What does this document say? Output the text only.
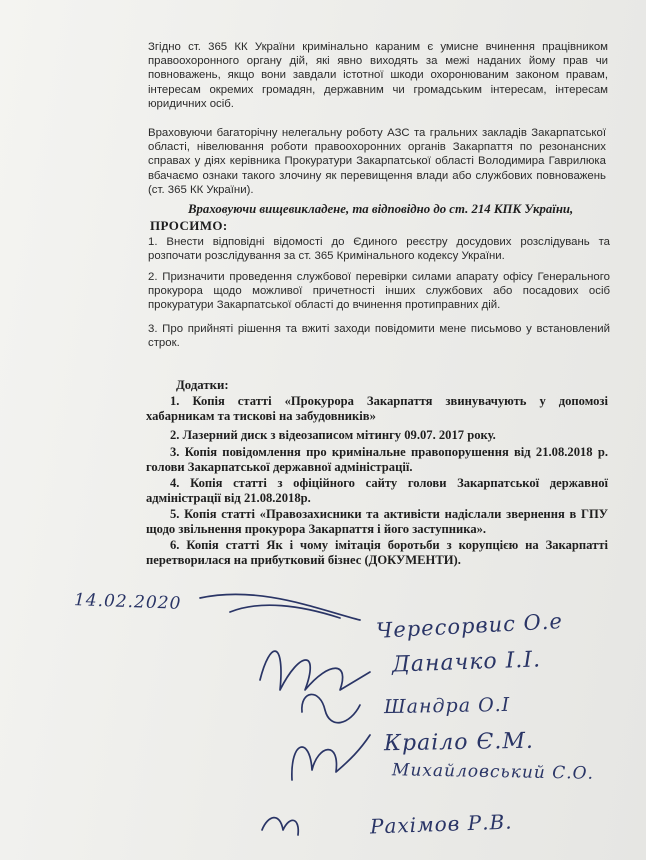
Згідно ст. 365 КК України кримінально караним є умисне вчинення працівником правоохоронного органу дій, які явно виходять за межі наданих йому прав чи повноважень, якщо вони завдали істотної шкоди охоронюваним законом правам, інтересам окремих громадян, державним чи громадським інтересам, інтересам юридичних осіб.

Враховуючи багаторічну нелегальну роботу АЗС та гральних закладів Закарпатської області, нівелювання роботи правоохоронних органів Закарпаття по резонансних справах у діях керівника Прокуратури Закарпатської області Володимира Гаврилюка вбачаємо ознаки такого злочину як перевищення влади або службових повноважень (ст. 365 КК України).

Враховуючи вищевикладене, та відповідно до ст. 214 КПК України,

ПРОСИМО:

1. Внести відповідні відомості до Єдиного реєстру досудових розслідувань та розпочати розслідування за ст. 365 Кримінального кодексу України.

2. Призначити проведення службової перевірки силами апарату офісу Генерального прокурора щодо можливої причетності інших службових або посадових осіб прокуратури Закарпатської області до вчинення протиправних дій.

3. Про прийняті рішення та вжиті заходи повідомити мене письмово у встановлений строк.

Додатки:

1. Копія статті «Прокурора Закарпаття звинувачують у допомозі хабарникам та тискові на забудовників»

2. Лазерний диск з відеозаписом мітингу 09.07. 2017 року.

3. Копія повідомлення про кримінальне правопорушення від 21.08.2018 р. голови Закарпатської державної адміністрації.

4. Копія статті з офіційного сайту голови Закарпатської державної адміністрації від 21.08.2018р.

5. Копія статті «Правозахисники та активісти надіслали звернення в ГПУ щодо звільнення прокурора Закарпаття і його заступника».

6. Копія статті Як і чому імітація боротьби з корупцією на Закарпатті перетворилася на прибутковий бізнес (ДОКУМЕНТИ).

14.02.2020

Чересорвис О.е

Даначко І.І.

Шандра О.І

Краіло Є.М.

Михайловський С.О.

Рахімов Р.В.
